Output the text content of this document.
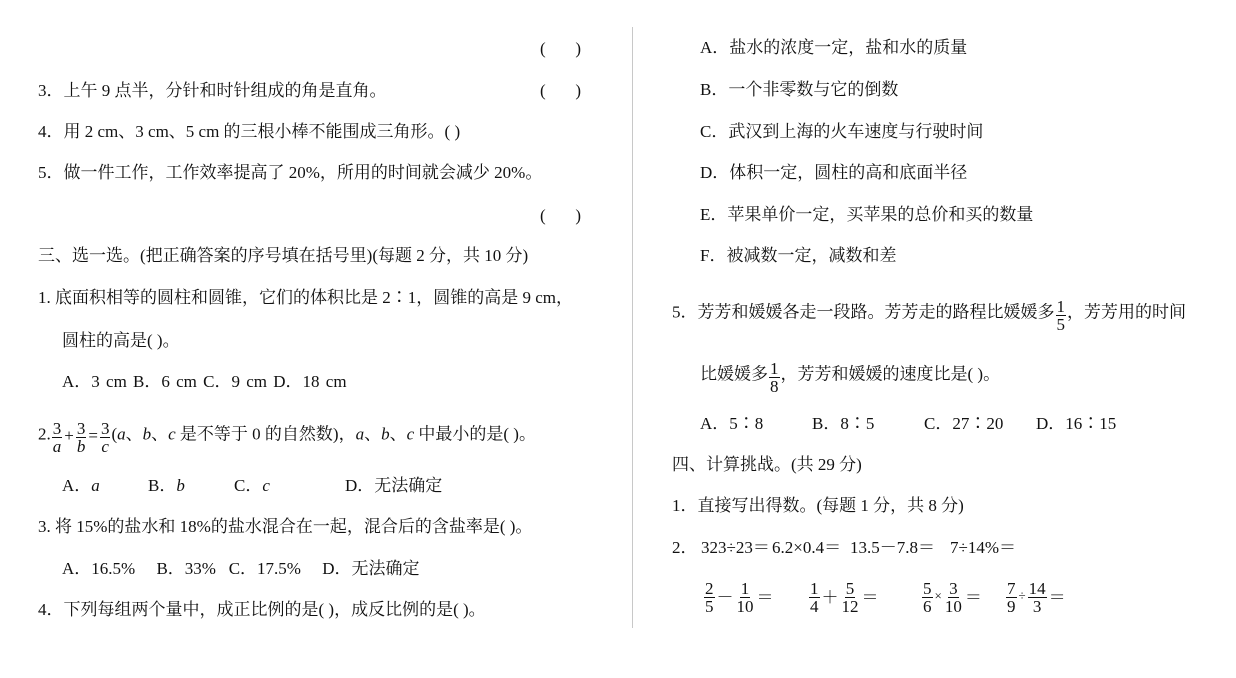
(       )
3．上午 9 点半，分针和时针组成的角是直角。	(       )
4．用 2 cm、3 cm、5 cm 的三根小棒不能围成三角形。( )
5．做一件工作，工作效率提高了 20%，所用的时间就会减少 20%。
(       )
三、选一选。(把正确答案的序号填在括号里)(每题 2 分，共 10 分)
1. 底面积相等的圆柱和圆锥，它们的体积比是 2∶1，圆锥的高是 9 cm，
圆柱的高是( )。
A．3 cm B．6 cm C．9 cm D．18 cm
2. $\frac{3}{a} + \frac{3}{b} = \frac{3}{c} (a$、b、c 是不等于 0 的自然数)，a、b、c 中最小的是( )。
A．a	B．b	C．c	D．无法确定
3. 将 15%的盐水和 18%的盐水混合在一起，混合后的含盐率是( )。
A．16.5%     B．33%   C．17.5%     D．无法确定
4．下列每组两个量中，成正比例的是( )，成反比例的是( )。
A．盐水的浓度一定，盐和水的质量
B．一个非零数与它的倒数
C．武汉到上海的火车速度与行驶时间
D．体积一定，圆柱的高和底面半径
E．苹果单价一定，买苹果的总价和买的数量
F．被减数一定，减数和差
5．芳芳和媛媛各走一段路。芳芳走的路程比媛媛多 $\frac{1}{5}$ ，芳芳用的时间
比媛媛多 $\frac{1}{8}$ ，芳芳和媛媛的速度比是( )。
A．5∶8	B．8∶5	C．27∶20 D．16∶15
四、计算挑战。(共 29 分)
1．直接写出得数。(每题 1 分，共 8 分)
2． 323÷23＝ 6.2×0.4＝ 13.5－7.8＝ 7÷14%＝
$\frac{2}{5} - \frac{1}{10} = \frac{1}{4} + \frac{5}{12}$ ＝	$\frac{5}{6} \times \frac{3}{10} = \frac{7}{9} \div \frac{14}{3}$ ＝
